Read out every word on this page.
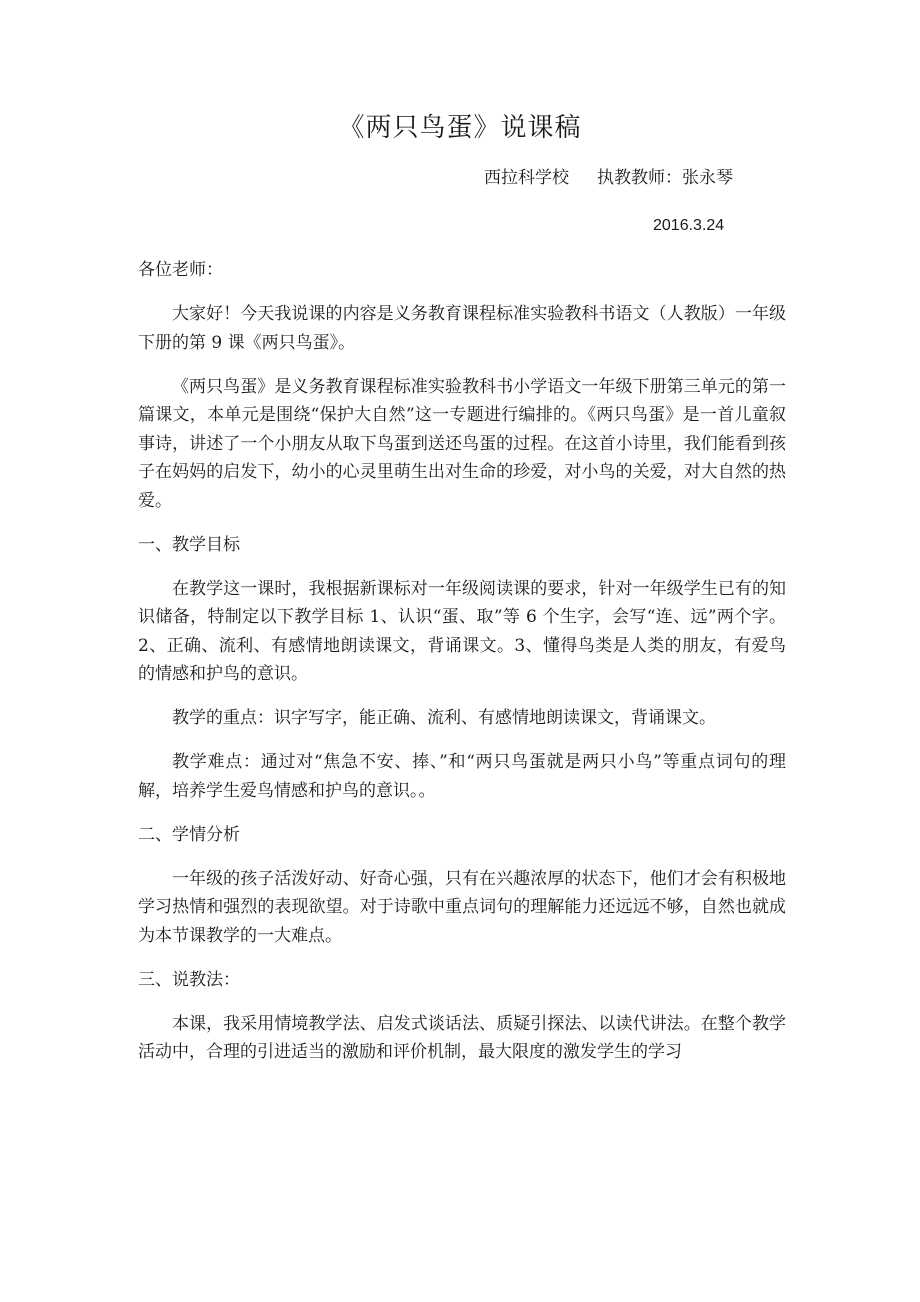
《两只鸟蛋》说课稿
西拉科学校 执教教师：张永琴
2016.3.24

各位老师：

大家好！今天我说课的内容是义务教育课程标准实验教科书语文（人教版）一年级下册的第 9 课《两只鸟蛋》。

《两只鸟蛋》是义务教育课程标准实验教科书小学语文一年级下册第三单元的第一篇课文，本单元是围绕“保护大自然”这一专题进行编排的。《两只鸟蛋》是一首儿童叙事诗，讲述了一个小朋友从取下鸟蛋到送还鸟蛋的过程。在这首小诗里，我们能看到孩子在妈妈的启发下，幼小的心灵里萌生出对生命的珍爱，对小鸟的关爱，对大自然的热爱。

一、教学目标

在教学这一课时，我根据新课标对一年级阅读课的要求，针对一年级学生已有的知识储备，特制定以下教学目标 1、认识“蛋、取”等 6 个生字，会写“连、远”两个字。2、正确、流利、有感情地朗读课文，背诵课文。3、懂得鸟类是人类的朋友，有爱鸟的情感和护鸟的意识。

教学的重点：识字写字，能正确、流利、有感情地朗读课文，背诵课文。

教学难点：通过对“焦急不安、捧、”和“两只鸟蛋就是两只小鸟”等重点词句的理解，培养学生爱鸟情感和护鸟的意识。。

二、学情分析

一年级的孩子活泼好动、好奇心强，只有在兴趣浓厚的状态下，他们才会有积极地学习热情和强烈的表现欲望。对于诗歌中重点词句的理解能力还远远不够，自然也就成为本节课教学的一大难点。

三、说教法：

本课，我采用情境教学法、启发式谈话法、质疑引探法、以读代讲法。在整个教学活动中，合理的引进适当的激励和评价机制，最大限度的激发学生的学习
